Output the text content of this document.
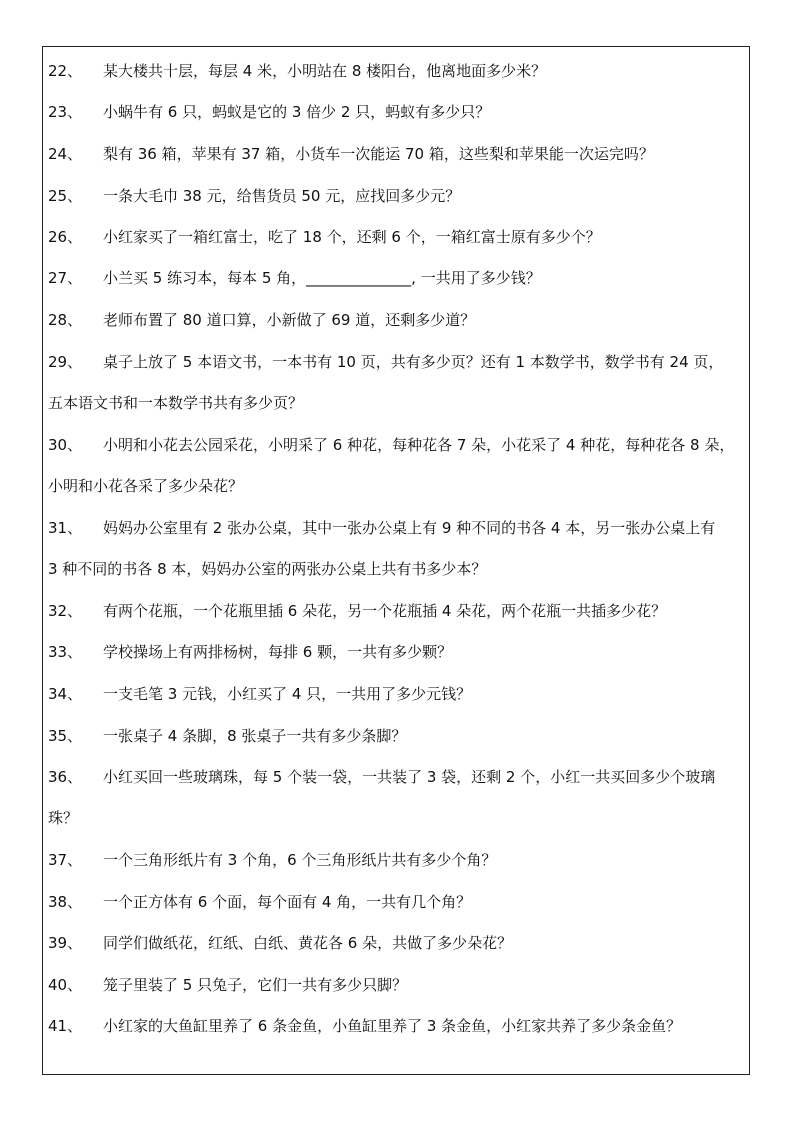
22、 某大楼共十层，每层 4 米，小明站在 8 楼阳台，他离地面多少米？
23、 小蜗牛有 6 只，蚂蚁是它的 3 倍少 2 只，蚂蚁有多少只？
24、 梨有 36 箱，苹果有 37 箱，小货车一次能运 70 箱，这些梨和苹果能一次运完吗？
25、 一条大毛巾 38 元，给售货员 50 元，应找回多少元？
26、 小红家买了一箱红富士，吃了 18 个，还剩 6 个，一箱红富士原有多少个？
27、 小兰买 5 练习本，每本 5 角，______________, 一共用了多少钱？
28、 老师布置了 80 道口算，小新做了 69 道，还剩多少道？
29、 桌子上放了 5 本语文书，一本书有 10 页，共有多少页？还有 1 本数学书，数学书有 24 页，
五本语文书和一本数学书共有多少页？
30、 小明和小花去公园采花，小明采了 6 种花，每种花各 7 朵，小花采了 4 种花，每种花各 8 朵，
小明和小花各采了多少朵花？
31、 妈妈办公室里有 2 张办公桌，其中一张办公桌上有 9 种不同的书各 4 本，另一张办公桌上有
3 种不同的书各 8 本，妈妈办公室的两张办公桌上共有书多少本？
32、 有两个花瓶，一个花瓶里插 6 朵花，另一个花瓶插 4 朵花，两个花瓶一共插多少花？
33、 学校操场上有两排杨树，每排 6 颗，一共有多少颗？
34、 一支毛笔 3 元钱，小红买了 4 只，一共用了多少元钱？
35、 一张桌子 4 条脚，8 张桌子一共有多少条脚？
36、 小红买回一些玻璃珠，每 5 个装一袋，一共装了 3 袋，还剩 2 个，小红一共买回多少个玻璃
珠？
37、 一个三角形纸片有 3 个角，6 个三角形纸片共有多少个角？
38、 一个正方体有 6 个面，每个面有 4 角，一共有几个角？
39、 同学们做纸花，红纸、白纸、黄花各 6 朵，共做了多少朵花？
40、 笼子里装了 5 只兔子，它们一共有多少只脚？
41、 小红家的大鱼缸里养了 6 条金鱼，小鱼缸里养了 3 条金鱼，小红家共养了多少条金鱼？
